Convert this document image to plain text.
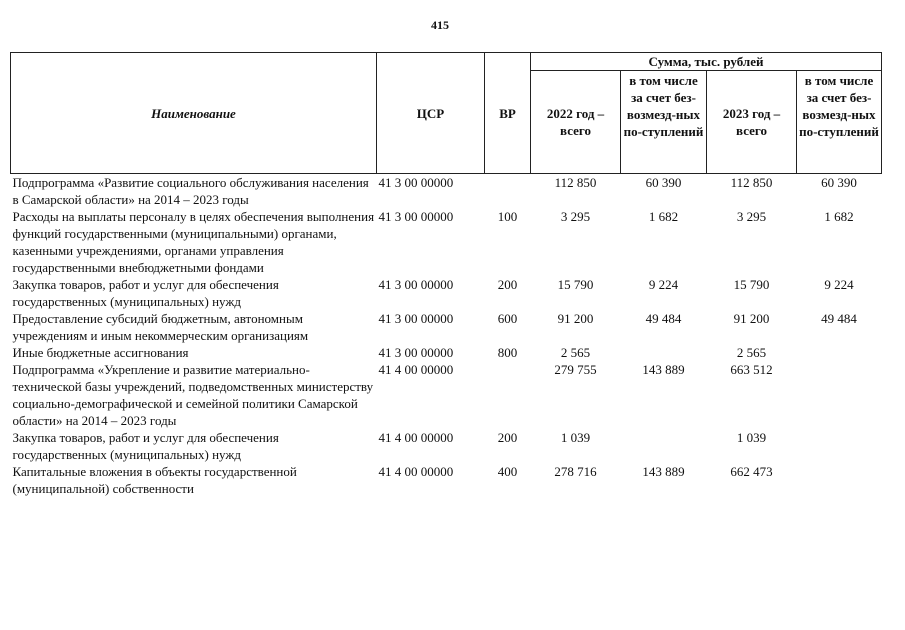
415
Наименование	ЦСР	ВР	Сумма, тыс. рублей			
			2022 год – всего	в том числе за счет без-возмезд-ных по-ступлений	2023 год – всего	в том числе за счет без-возмезд-ных по-ступлений
Подпрограмма «Развитие социального обслуживания населения в Самарской области» на 2014 – 2023 годы	41 3 00 00000		112 850	60 390	112 850	60 390
Расходы на выплаты персоналу в целях обеспечения выполнения функций государственными (муниципальными) органами, казенными учреждениями, органами управления государственными внебюджетными фондами	41 3 00 00000	100	3 295	1 682	3 295	1 682
Закупка товаров, работ и услуг для обеспечения государственных (муниципальных) нужд	41 3 00 00000	200	15 790	9 224	15 790	9 224
Предоставление субсидий бюджетным, автономным учреждениям и иным некоммерческим организациям	41 3 00 00000	600	91 200	49 484	91 200	49 484
Иные бюджетные ассигнования	41 3 00 00000	800	2 565		2 565	
Подпрограмма «Укрепление и развитие материально-технической базы учреждений, подведомственных министерству социально-демографической и семейной политики Самарской области» на 2014 – 2023 годы	41 4 00 00000		279 755	143 889	663 512	
Закупка товаров, работ и услуг для обеспечения государственных (муниципальных) нужд	41 4 00 00000	200	1 039		1 039	
Капитальные вложения в объекты государственной (муниципальной) собственности	41 4 00 00000	400	278 716	143 889	662 473	
